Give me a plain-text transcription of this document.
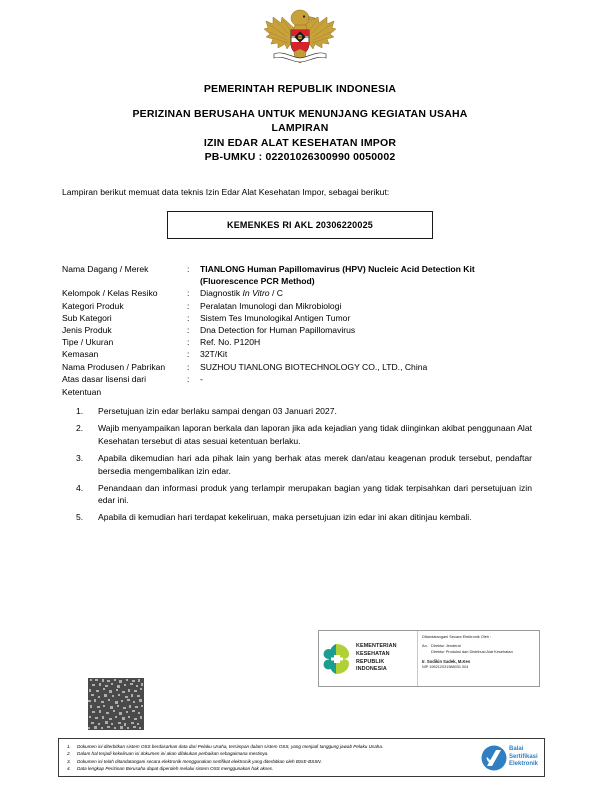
PEMERINTAH REPUBLIK INDONESIA
PERIZINAN BERUSAHA UNTUK MENUNJANG KEGIATAN USAHA
LAMPIRAN
IZIN EDAR ALAT KESEHATAN IMPOR
PB-UMKU : 02201026300990 0050002
Lampiran berikut memuat data teknis Izin Edar Alat Kesehatan Impor, sebagai berikut:
KEMENKES RI AKL 20306220025
Nama Dagang / Merek	:	TIANLONG Human Papillomavirus (HPV) Nucleic Acid Detection Kit (Fluorescence PCR Method)
Kelompok / Kelas Resiko	:	Diagnostik In Vitro / C
Kategori Produk	:	Peralatan Imunologi dan Mikrobiologi
Sub Kategori	:	Sistem Tes Imunologikal Antigen Tumor
Jenis Produk	:	Dna Detection for Human Papillomavirus
Tipe / Ukuran	:	Ref. No. P120H
Kemasan	:	32T/Kit
Nama Produsen / Pabrikan	:	SUZHOU TIANLONG BIOTECHNOLOGY CO., LTD., China
Atas dasar lisensi dari	:	-
Ketentuan
1.	Persetujuan izin edar berlaku sampai dengan 03 Januari 2027.
2.	Wajib menyampaikan laporan berkala dan laporan jika ada kejadian yang tidak diinginkan akibat penggunaan Alat Kesehatan tersebut di atas sesuai ketentuan berlaku.
3.	Apabila dikemudian hari ada pihak lain yang berhak atas merek dan/atau keagenan produk tersebut, pendaftar bersedia mengembalikan izin edar.
4.	Penandaan dan informasi produk yang terlampir merupakan bagian yang tidak terpisahkan dari persetujuan izin edar ini.
5.	Apabila di kemudian hari terdapat kekeliruan, maka persetujuan izin edar ini akan ditinjau kembali.
KEMENTERIAN
KESEHATAN
REPUBLIK
INDONESIA
Ditandatangani Secara Elektronik Oleh :
An. Direktur Jenderal
Direktur Produksi dan Distribusi Alat Kesehatan
Ir. Sodikin Sadek, M.Kes
NIP 196212031988031 004
1.	Dokumen ini diterbitkan sistem OSS berdasarkan data dari Pelaku Usaha, tersimpan dalam sistem OSS, yang menjadi tanggung jawab Pelaku Usaha.
2.	Dalam hal terjadi kekeliruan isi dokumen ini akan dilakukan perbaikan sebagaimana mestinya.
3.	Dokumen ini telah ditandatangani secara elektronik menggunakan sertifikat elektronik yang diterbitkan oleh BSrE-BSSN.
4.	Data lengkap Perizinan Berusaha dapat diperoleh melalui sistem OSS menggunakan hak akses.
Balai
Sertifikasi
Elektronik
